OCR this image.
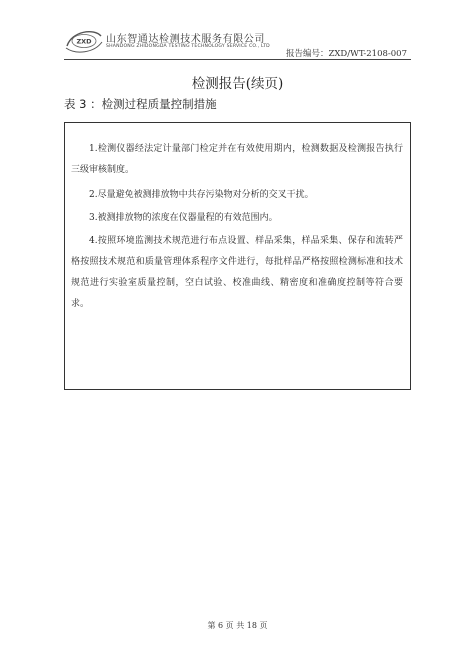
ZXD 山东智通达检测技术服务有限公司
SHANDONG ZHIDONGDA TESTING TECHNOLOGY SERVICE CO., LTD
报告编号：ZXD/WT-2108-007
检测报告(续页)
表 3 ：检测过程质量控制措施

1.检测仪器经法定计量部门检定并在有效使用期内，检测数据及检测报告执行三级审核制度。

2.尽量避免被测排放物中共存污染物对分析的交叉干扰。

3.被测排放物的浓度在仪器量程的有效范围内。

4.按照环境监测技术规范进行布点设置、样品采集，样品采集、保存和流转严格按照技术规范和质量管理体系程序文件进行，每批样品严格按照检测标准和技术规范进行实验室质量控制，空白试验、校准曲线、精密度和准确度控制等符合要求。

第 6 页 共 18 页
